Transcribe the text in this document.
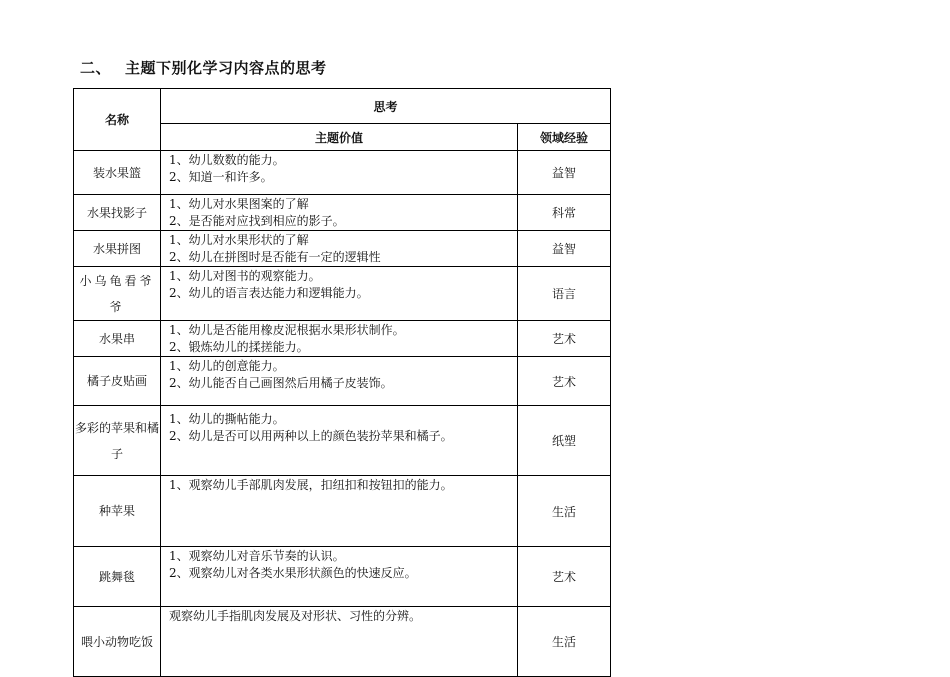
二、 主题下别化学习内容点的思考
名称	思考	
	主题价值	领域经验
装水果篮	1、幼儿数数的能力。
2、知道一和许多。	益智
水果找影子	1、幼儿对水果图案的了解
2、是否能对应找到相应的影子。	科常
水果拼图	1、幼儿对水果形状的了解
2、幼儿在拼图时是否能有一定的逻辑性	益智
小乌龟看爷爷	1、幼儿对图书的观察能力。
2、幼儿的语言表达能力和逻辑能力。	语言
水果串	1、幼儿是否能用橡皮泥根据水果形状制作。
2、锻炼幼儿的揉搓能力。	艺术
橘子皮贴画	1、幼儿的创意能力。
2、幼儿能否自己画图然后用橘子皮装饰。	艺术
多彩的苹果和橘子	1、幼儿的撕帖能力。
2、幼儿是否可以用两种以上的颜色装扮苹果和橘子。	纸塑
种苹果	1、观察幼儿手部肌肉发展，扣纽扣和按钮扣的能力。	生活
跳舞毯	1、观察幼儿对音乐节奏的认识。
2、观察幼儿对各类水果形状颜色的快速反应。	艺术
喂小动物吃饭	观察幼儿手指肌肉发展及对形状、习性的分辨。	生活
